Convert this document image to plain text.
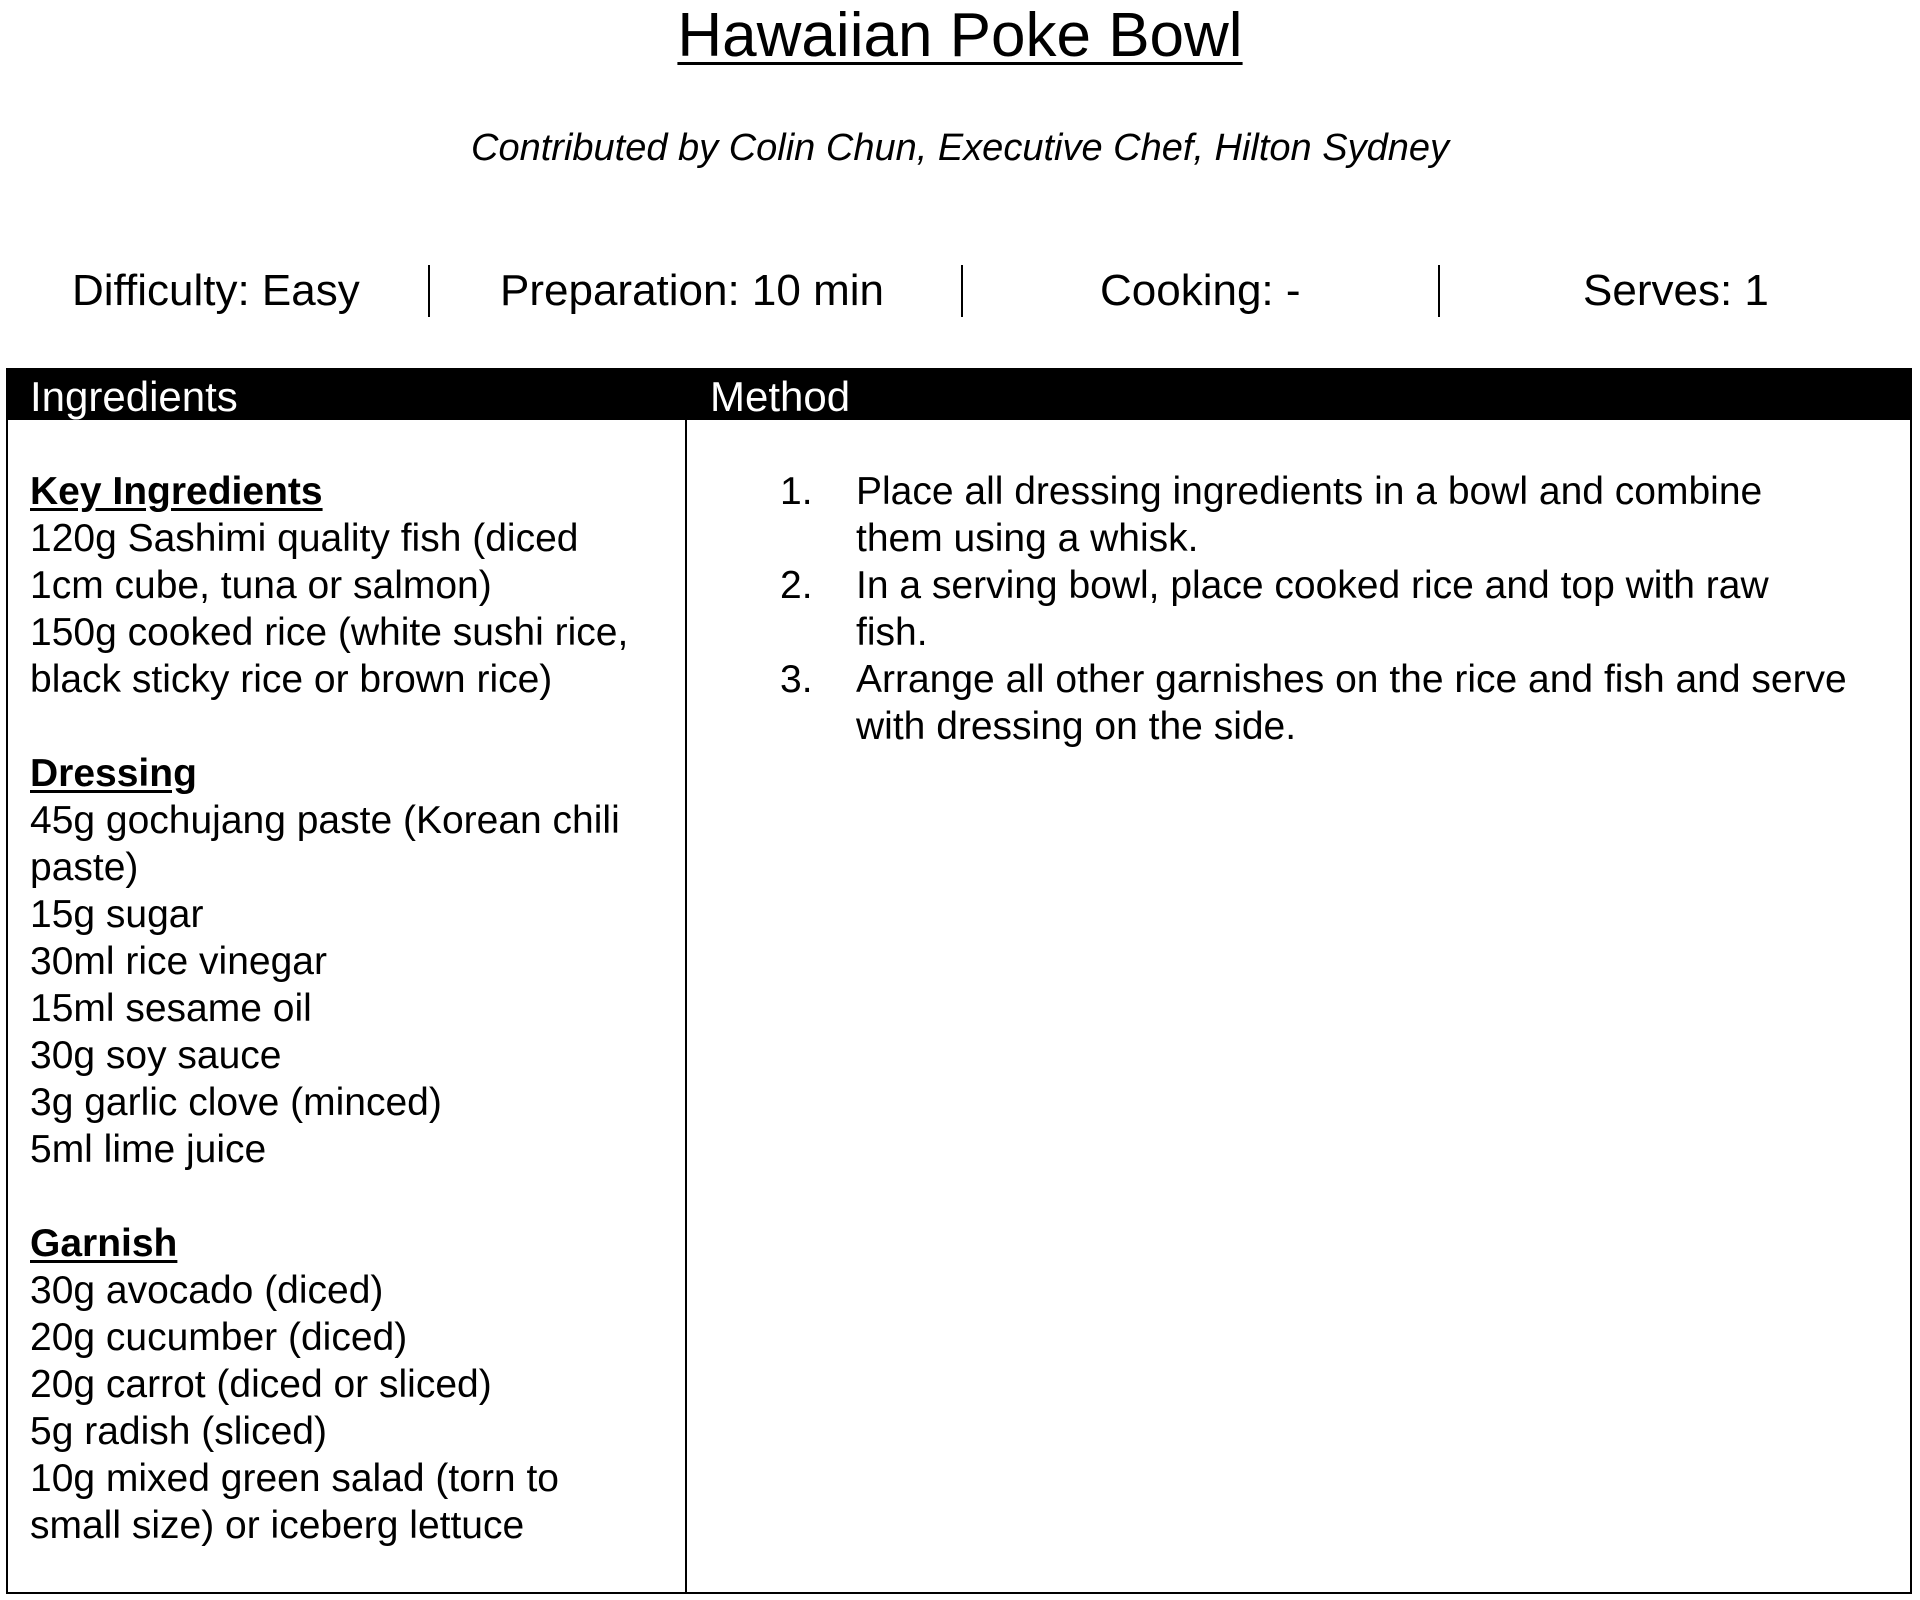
Hawaiian Poke Bowl
Contributed by Colin Chun, Executive Chef, Hilton Sydney
Difficulty: Easy	Preparation: 10 min	Cooking: -	Serves: 1
Ingredients	Method
Key Ingredients
120g Sashimi quality fish (diced
1cm cube, tuna or salmon)
150g cooked rice (white sushi rice,
black sticky rice or brown rice)
Dressing
45g gochujang paste (Korean chili
paste)
15g sugar
30ml rice vinegar
15ml sesame oil
30g soy sauce
3g garlic clove (minced)
5ml lime juice
Garnish
30g avocado (diced)
20g cucumber (diced)
20g carrot (diced or sliced)
5g radish (sliced)
10g mixed green salad (torn to
small size) or iceberg lettuce
1. Place all dressing ingredients in a bowl and combine
them using a whisk.
2. In a serving bowl, place cooked rice and top with raw
fish.
3. Arrange all other garnishes on the rice and fish and serve
with dressing on the side.
